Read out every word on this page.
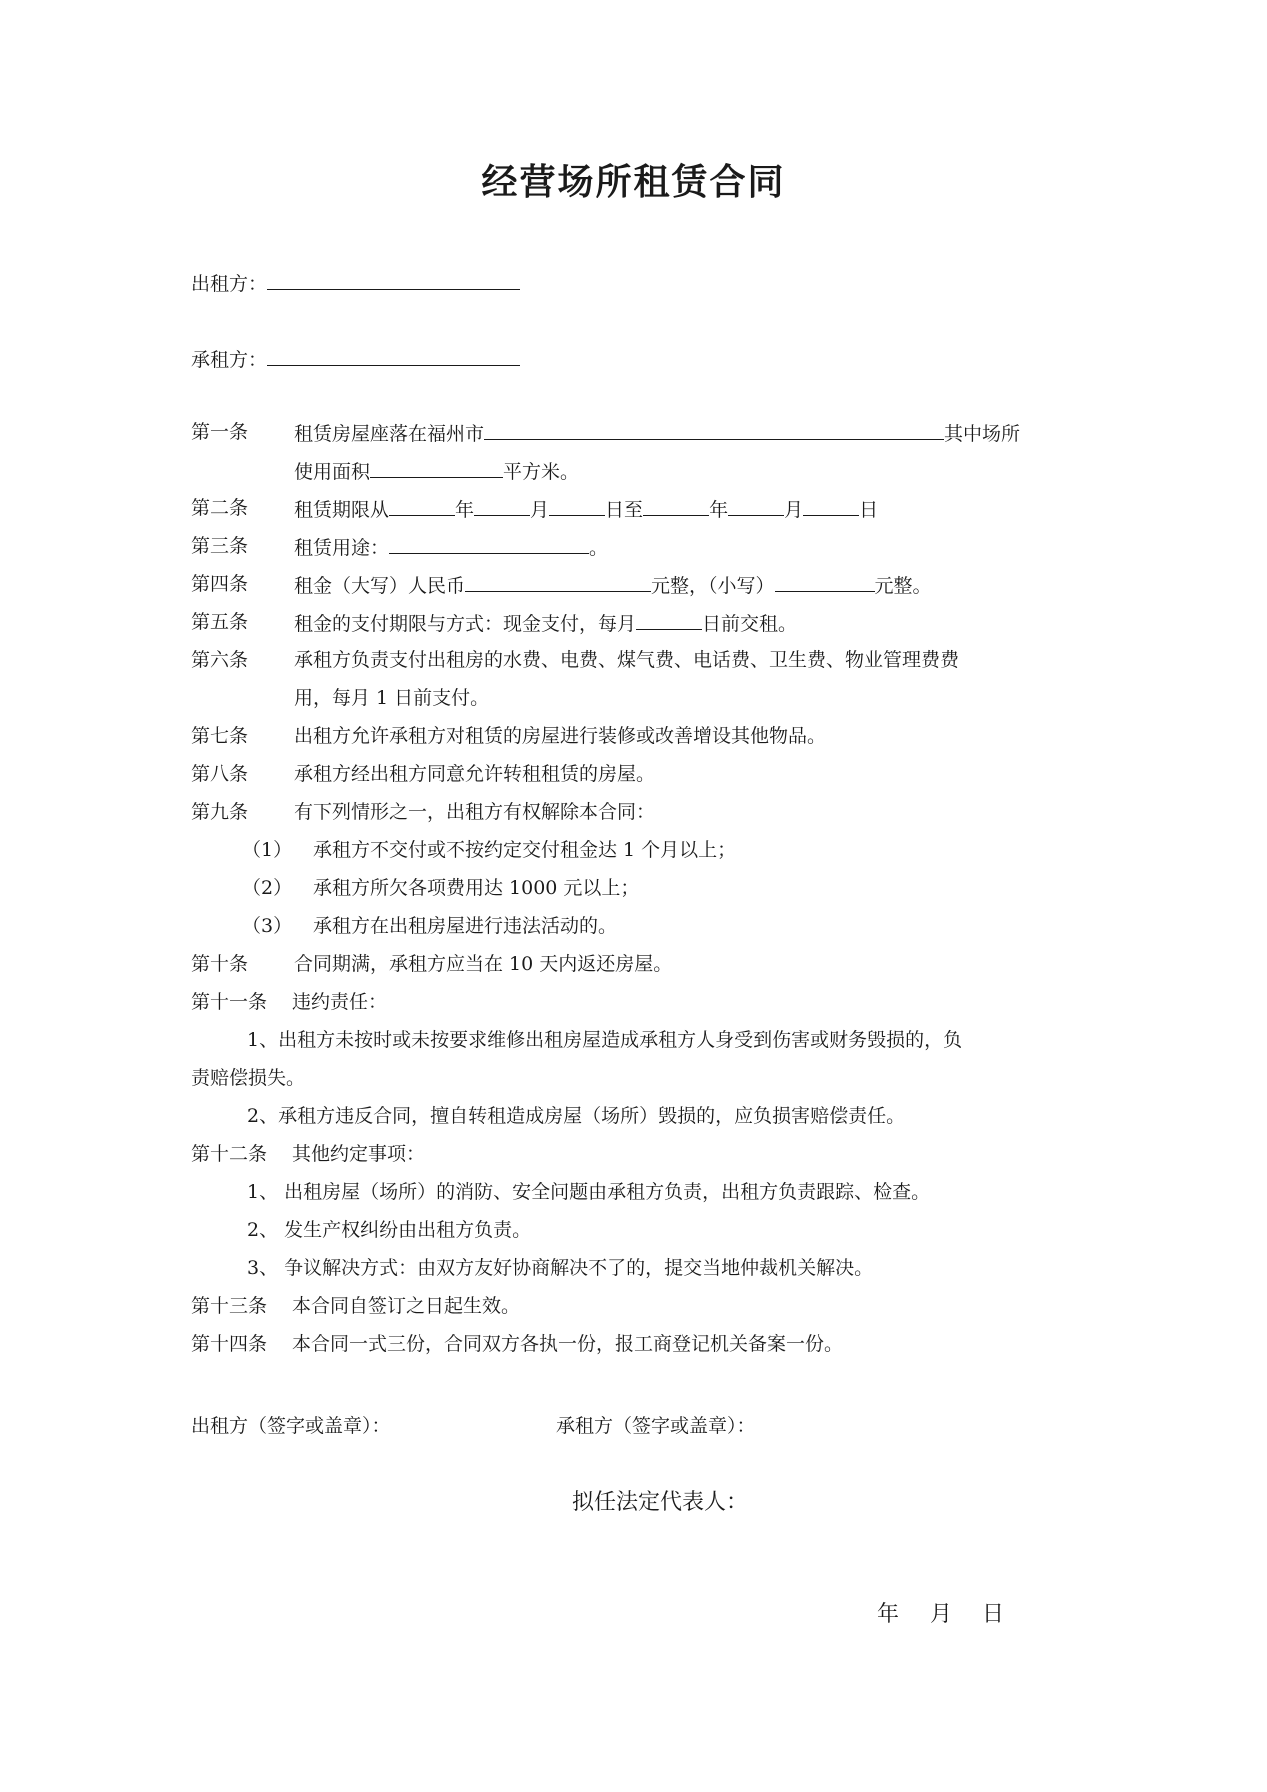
经营场所租赁合同
出租方：
承租方：
第一条 租赁房屋座落在福州市	其中场所
使用面积	平方米。
第二条 租赁期限从	年	月	日至	年	月	日
第三条 租赁用途：	。
第四条 租金（大写）人民币	元整，（小写）	元整。
第五条 租金的支付期限与方式：现金支付，每月	日前交租。
第六条 承租方负责支付出租房的水费、电费、煤气费、电话费、卫生费、物业管理费费
用，每月 1 日前支付。
第七条 出租方允许承租方对租赁的房屋进行装修或改善增设其他物品。
第八条 承租方经出租方同意允许转租租赁的房屋。
第九条 有下列情形之一，出租方有权解除本合同：
（1） 承租方不交付或不按约定交付租金达 1 个月以上；
（2） 承租方所欠各项费用达 1000 元以上；
（3） 承租方在出租房屋进行违法活动的。
第十条 合同期满，承租方应当在 10 天内返还房屋。
第十一条 违约责任：
1、出租方未按时或未按要求维修出租房屋造成承租方人身受到伤害或财务毁损的，负
责赔偿损失。
2、承租方违反合同，擅自转租造成房屋（场所）毁损的，应负损害赔偿责任。
第十二条 其他约定事项：
1、 出租房屋（场所）的消防、安全问题由承租方负责，出租方负责跟踪、检查。
2、 发生产权纠纷由出租方负责。
3、 争议解决方式：由双方友好协商解决不了的，提交当地仲裁机关解决。
第十三条 本合同自签订之日起生效。
第十四条 本合同一式三份，合同双方各执一份，报工商登记机关备案一份。
出租方（签字或盖章）：	承租方（签字或盖章）：
拟任法定代表人：
年 月 日
